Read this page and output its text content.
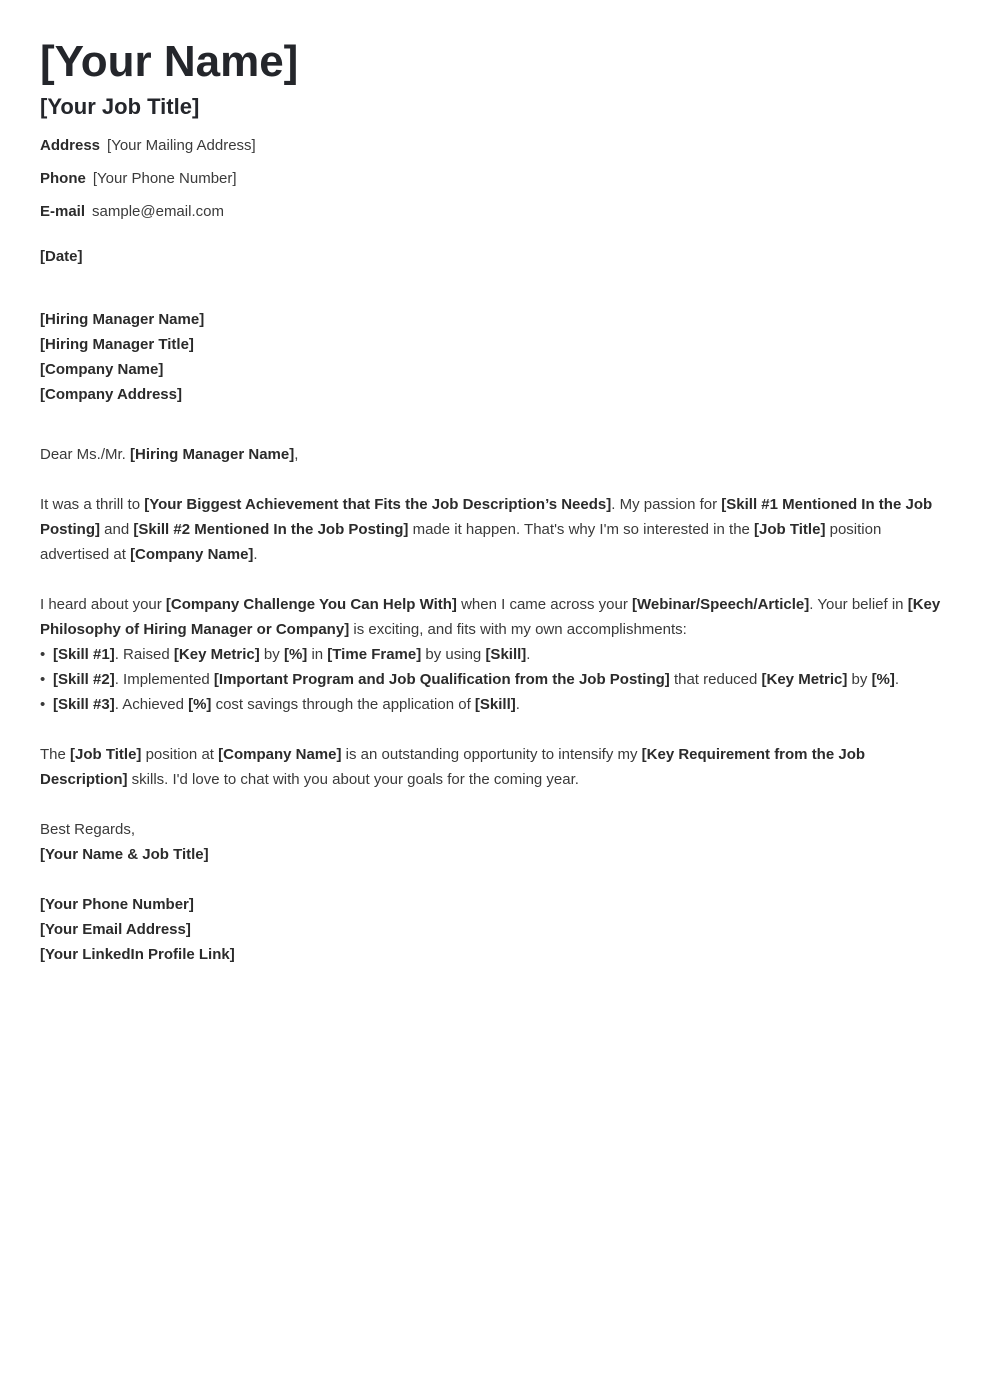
[Your Name]
[Your Job Title]
Address [Your Mailing Address]
Phone [Your Phone Number]
E-mail sample@email.com
[Date]
[Hiring Manager Name]
[Hiring Manager Title]
[Company Name]
[Company Address]
Dear Ms./Mr. [Hiring Manager Name],
It was a thrill to [Your Biggest Achievement that Fits the Job Description’s Needs]. My passion for [Skill #1 Mentioned In the Job Posting] and [Skill #2 Mentioned In the Job Posting] made it happen. That's why I'm so interested in the [Job Title] position advertised at [Company Name].
I heard about your [Company Challenge You Can Help With] when I came across your [Webinar/Speech/Article]. Your belief in [Key Philosophy of Hiring Manager or Company] is exciting, and fits with my own accomplishments:
• [Skill #1]. Raised [Key Metric] by [%] in [Time Frame] by using [Skill].
• [Skill #2]. Implemented [Important Program and Job Qualification from the Job Posting] that reduced [Key Metric] by [%].
• [Skill #3]. Achieved [%] cost savings through the application of [Skill].
The [Job Title] position at [Company Name] is an outstanding opportunity to intensify my [Key Requirement from the Job Description] skills. I'd love to chat with you about your goals for the coming year.
Best Regards,
[Your Name & Job Title]
[Your Phone Number]
[Your Email Address]
[Your LinkedIn Profile Link]
